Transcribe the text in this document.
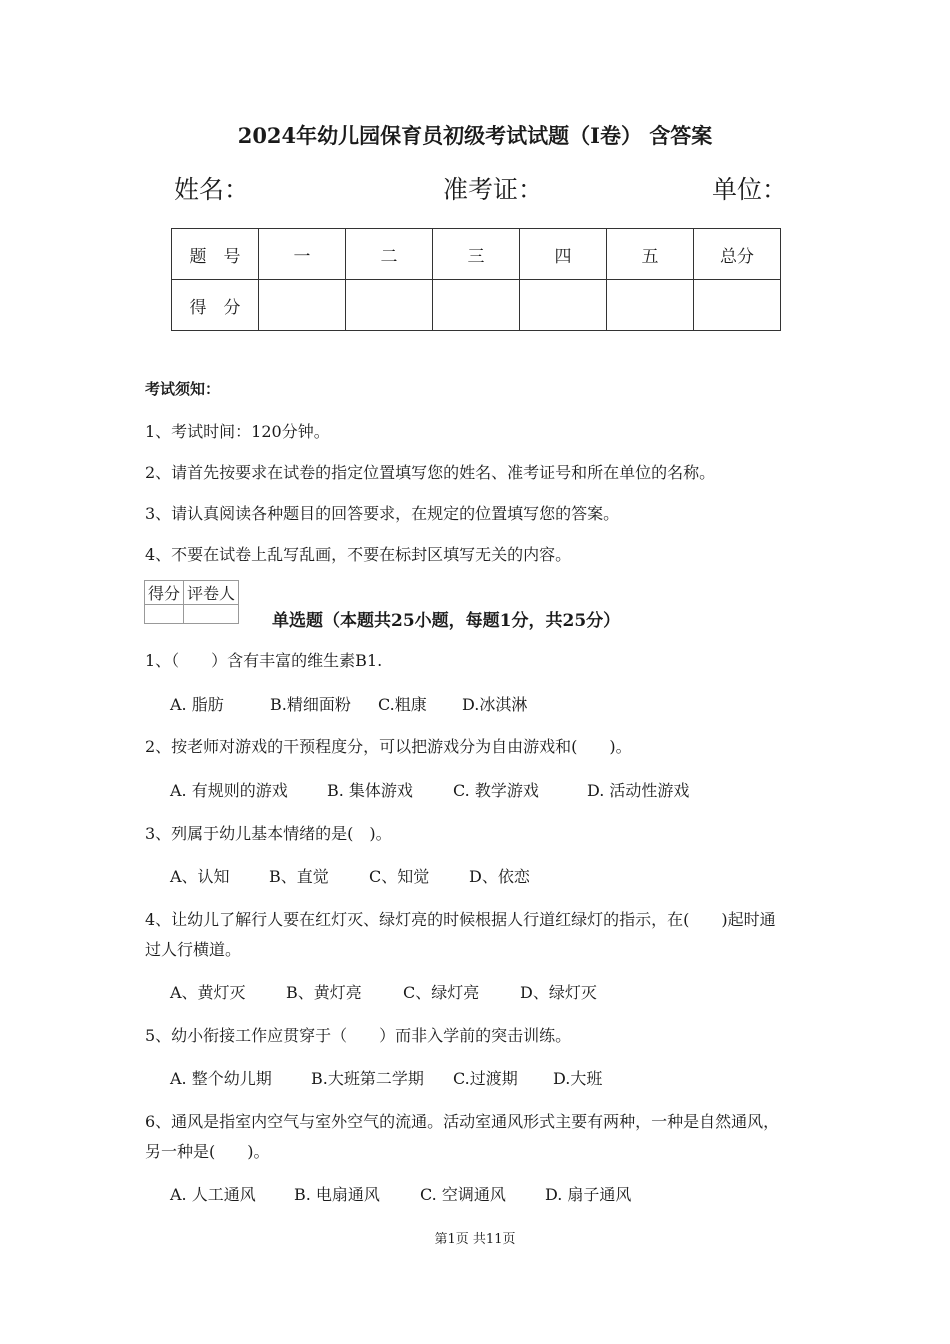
2024年幼儿园保育员初级考试试题（I卷） 含答案
姓名：	准考证：	单位：
题　号	一	二	三	四	五	总分
得　分						
考试须知：
1、考试时间：120分钟。
2、请首先按要求在试卷的指定位置填写您的姓名、准考证号和所在单位的名称。
3、请认真阅读各种题目的回答要求，在规定的位置填写您的答案。
4、不要在试卷上乱写乱画，不要在标封区填写无关的内容。
得分	评卷人

单选题（本题共25小题，每题1分，共25分）
1、（　　）含有丰富的维生素B1.
A. 脂肪	B.精细面粉 C.粗康 D.冰淇淋
2、按老师对游戏的干预程度分，可以把游戏分为自由游戏和(　　)。
A. 有规则的游戏 B. 集体游戏	C. 教学游戏	D. 活动性游戏
3、列属于幼儿基本情绪的是(　)。
A、认知 B、直觉	C、知觉 D、依恋
4、让幼儿了解行人要在红灯灭、绿灯亮的时候根据人行道红绿灯的指示，在(　　)起时通
过人行横道。
A、黄灯灭	B、黄灯亮	C、绿灯亮	D、绿灯灭
5、幼小衔接工作应贯穿于（　　）而非入学前的突击训练。
A. 整个幼儿期 B.大班第二学期 C.过渡期 D.大班
6、通风是指室内空气与室外空气的流通。活动室通风形式主要有两种，一种是自然通风，
另一种是(　　)。
A. 人工通风 B. 电扇通风	C. 空调通风 D. 扇子通风
第1页 共11页
